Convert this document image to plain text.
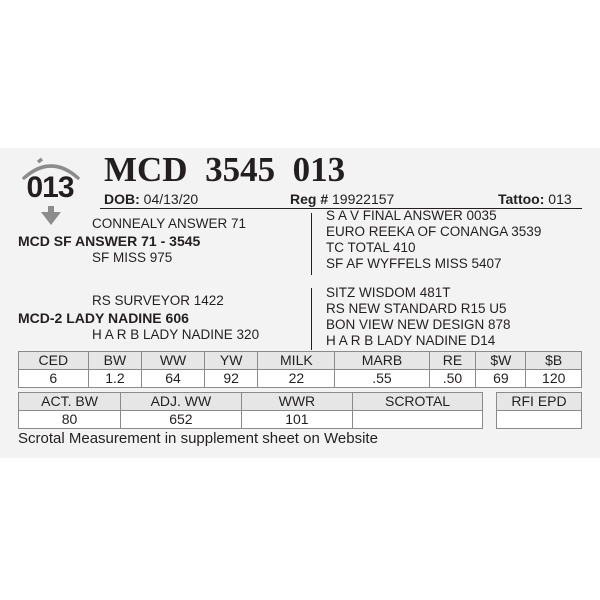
013 MCD  3545  013
DOB: 04/13/20	Reg # 19922157	Tattoo: 013
CONNEALY ANSWER 71
MCD SF ANSWER 71 - 3545
SF MISS 975
S A V FINAL ANSWER 0035
EURO REEKA OF CONANGA 3539
TC TOTAL 410
SF AF WYFFELS MISS 5407
RS SURVEYOR 1422
MCD-2 LADY NADINE 606
H A R B LADY NADINE 320
SITZ WISDOM 481T
RS NEW STANDARD R15 U5
BON VIEW NEW DESIGN 878
H A R B LADY NADINE D14
CED	BW	WW	YW	MILK	MARB	RE	$W	$B
6	1.2	64	92	22	.55	.50	69	120
ACT. BW	ADJ. WW	WWR	SCROTAL
80	652	101	
RFI EPD

Scrotal Measurement in supplement sheet on Website
